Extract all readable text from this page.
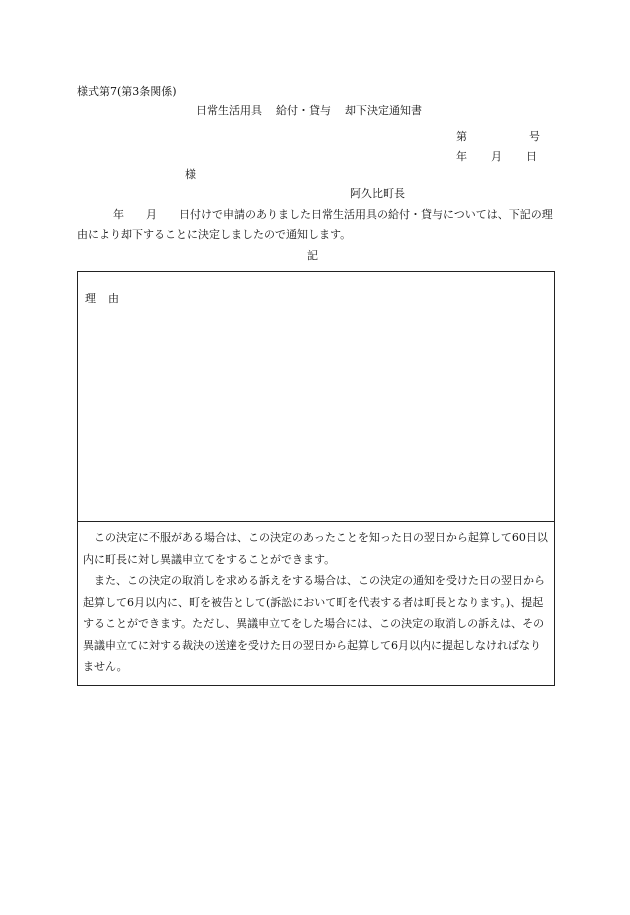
様式第7(第3条関係)
日常生活用具 給付・貸与 却下決定通知書
第	号
年 月 日
様
阿久比町長
年 月 日付けで申請のありました日常生活用具の給付・貸与については、下記の理由により却下することに決定しましたので通知します。
記
理 由

この決定に不服がある場合は、この決定のあったことを知った日の翌日から起算して60日以内に町長に対し異議申立てをすることができます。

また、この決定の取消しを求める訴えをする場合は、この決定の通知を受けた日の翌日から起算して6月以内に、町を被告として(訴訟において町を代表する者は町長となります。)、提起することができます。ただし、異議申立てをした場合には、この決定の取消しの訴えは、その異議申立てに対する裁決の送達を受けた日の翌日から起算して6月以内に提起しなければなりません。
